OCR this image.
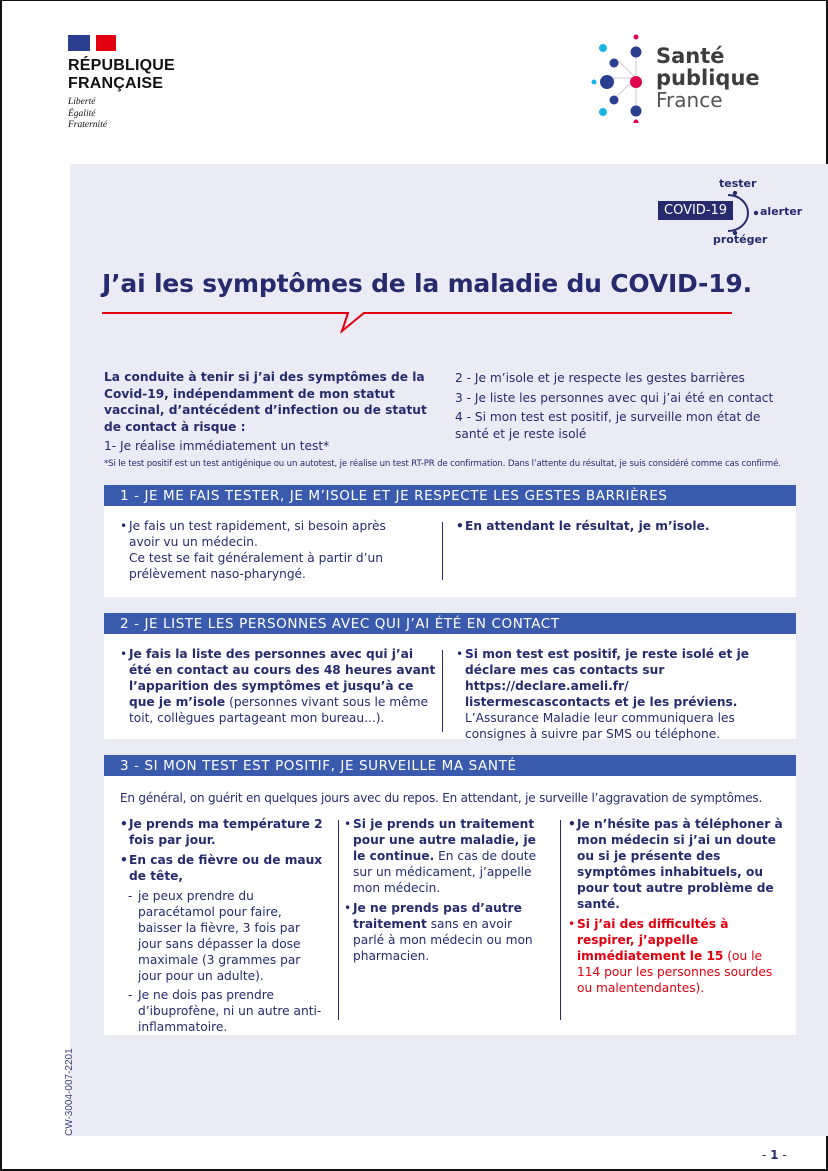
RÉPUBLIQUE
FRANÇAISE
Liberté
Égalité
Fraternité
Santé
publique
France
tester
COVID-19	alerter
protéger
J’ai les symptômes de la maladie du COVID-19.
La conduite à tenir si j’ai des symptômes de la Covid-19, indépendamment de mon statut vaccinal, d’antécédent d’infection ou de statut de contact à risque :
1- Je réalise immédiatement un test*
2 - Je m’isole et je respecte les gestes barrières
3 - Je liste les personnes avec qui j’ai été en contact
4 - Si mon test est positif, je surveille mon état de santé et je reste isolé
*Si le test positif est un test antigénique ou un autotest, je réalise un test RT-PR de confirmation. Dans l’attente du résultat, je suis considéré comme cas confirmé.
1 - JE ME FAIS TESTER, JE M’ISOLE ET JE RESPECTE LES GESTES BARRIÈRES
• Je fais un test rapidement, si besoin après avoir vu un médecin.
Ce test se fait généralement à partir d’un prélèvement naso-pharyngé.
• En attendant le résultat, je m’isole.
2 - JE LISTE LES PERSONNES AVEC QUI J’AI ÉTÉ EN CONTACT
• Je fais la liste des personnes avec qui j’ai été en contact au cours des 48 heures avant l’apparition des symptômes et jusqu’à ce que je m’isole (personnes vivant sous le même toit, collègues partageant mon bureau...).
• Si mon test est positif, je reste isolé et je déclare mes cas contacts sur https://declare.ameli.fr/ listermescascontacts et je les préviens. L’Assurance Maladie leur communiquera les consignes à suivre par SMS ou téléphone.
3 - SI MON TEST EST POSITIF, JE SURVEILLE MA SANTÉ
En général, on guérit en quelques jours avec du repos. En attendant, je surveille l’aggravation de symptômes.
• Je prends ma température 2 fois par jour.
• En cas de fièvre ou de maux de tête,
- je peux prendre du paracétamol pour faire, baisser la fièvre, 3 fois par jour sans dépasser la dose maximale (3 grammes par jour pour un adulte).
- Je ne dois pas prendre d’ibuprofène, ni un autre anti-inflammatoire.
• Si je prends un traitement pour une autre maladie, je le continue. En cas de doute sur un médicament, j’appelle mon médecin.
• Je ne prends pas d’autre traitement sans en avoir parlé à mon médecin ou mon pharmacien.
• Je n’hésite pas à téléphoner à mon médecin si j’ai un doute ou si je présente des symptômes inhabituels, ou pour tout autre problème de santé.
• Si j’ai des difficultés à respirer, j’appelle immédiatement le 15 (ou le 114 pour les personnes sourdes ou malentendantes).
CW-3004-007-2201
- 1 -
